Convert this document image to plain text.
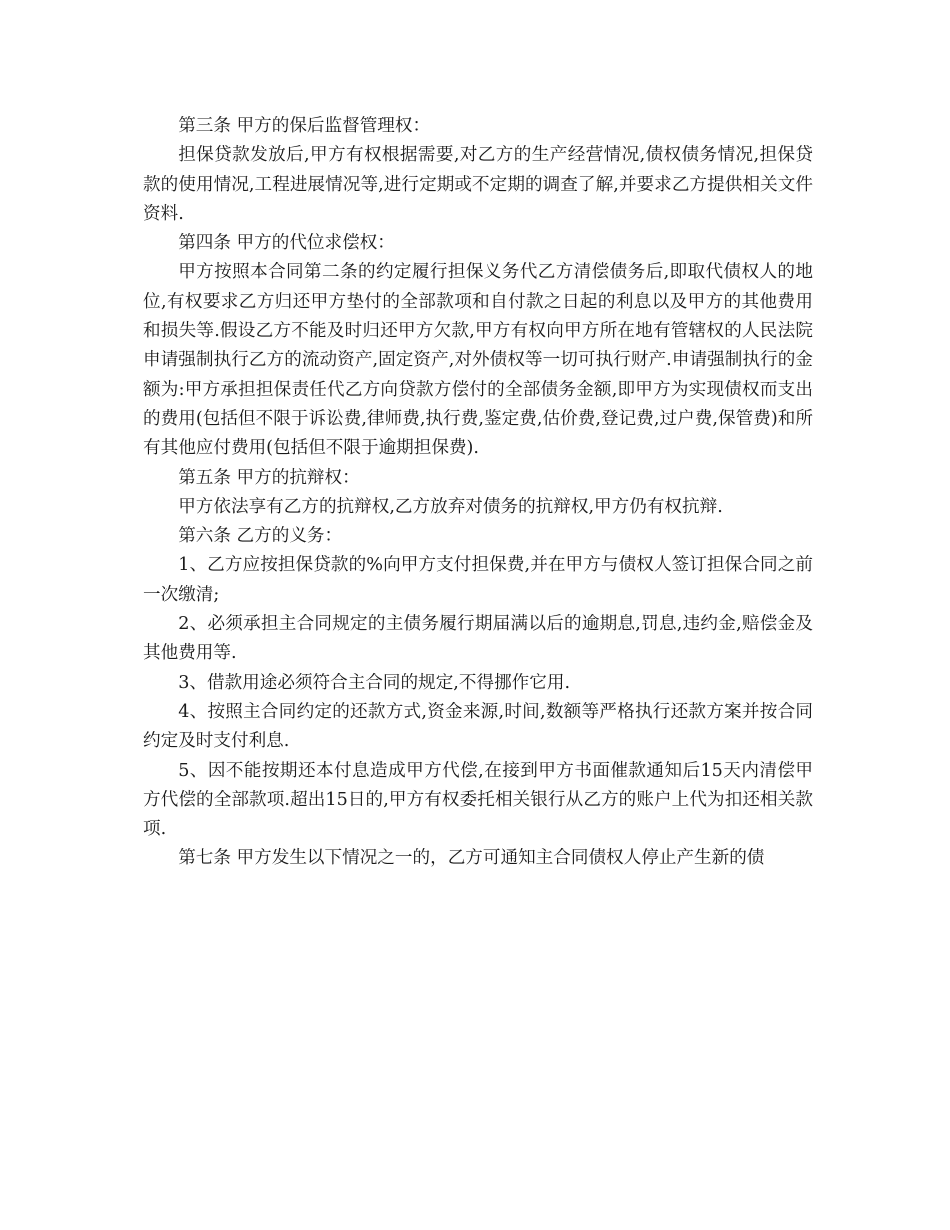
第三条 甲方的保后监督管理权：

担保贷款发放后,甲方有权根据需要,对乙方的生产经营情况,债权债务情况,担保贷款的使用情况,工程进展情况等,进行定期或不定期的调查了解,并要求乙方提供相关文件资料.

第四条 甲方的代位求偿权：

甲方按照本合同第二条的约定履行担保义务代乙方清偿债务后,即取代债权人的地位,有权要求乙方归还甲方垫付的全部款项和自付款之日起的利息以及甲方的其他费用和损失等.假设乙方不能及时归还甲方欠款,甲方有权向甲方所在地有管辖权的人民法院申请强制执行乙方的流动资产,固定资产,对外债权等一切可执行财产.申请强制执行的金额为:甲方承担担保责任代乙方向贷款方偿付的全部债务金额,即甲方为实现债权而支出的费用(包括但不限于诉讼费,律师费,执行费,鉴定费,估价费,登记费,过户费,保管费)和所有其他应付费用(包括但不限于逾期担保费).

第五条 甲方的抗辩权：

甲方依法享有乙方的抗辩权,乙方放弃对债务的抗辩权,甲方仍有权抗辩.

第六条 乙方的义务：

1、乙方应按担保贷款的%向甲方支付担保费,并在甲方与债权人签订担保合同之前一次缴清;

2、必须承担主合同规定的主债务履行期届满以后的逾期息,罚息,违约金,赔偿金及其他费用等.

3、借款用途必须符合主合同的规定,不得挪作它用.

4、按照主合同约定的还款方式,资金来源,时间,数额等严格执行还款方案并按合同约定及时支付利息.

5、因不能按期还本付息造成甲方代偿,在接到甲方书面催款通知后15天内清偿甲方代偿的全部款项.超出15日的,甲方有权委托相关银行从乙方的账户上代为扣还相关款项.

第七条 甲方发生以下情况之一的，乙方可通知主合同债权人停止产生新的债
